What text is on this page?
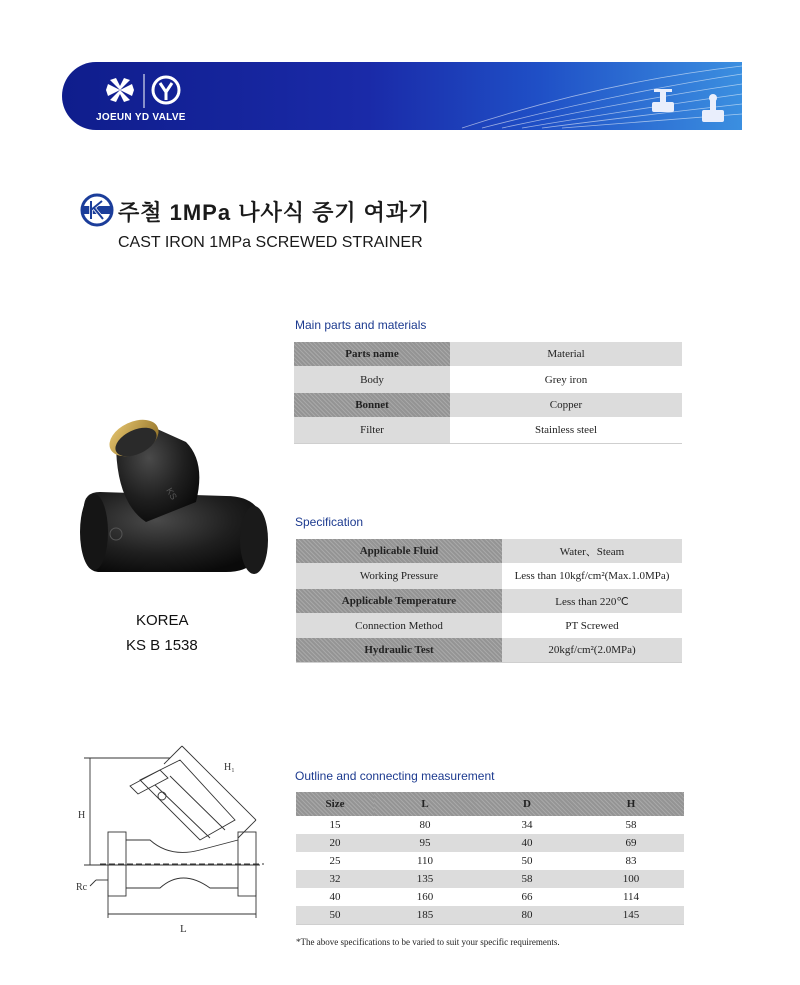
JOEUN YD VALVE
주철 1MPa 나사식 증기 여과기
CAST IRON 1MPa SCREWED STRAINER
KS
KOREA
KS B 1538
Main parts and materials
Parts name	Material
Body	Grey iron
Bonnet	Copper
Filter	Stainless steel
Specification
Applicable Fluid	Water、Steam
Working Pressure	Less than 10kgf/cm²(Max.1.0MPa)
Applicable Temperature	Less than 220℃
Connection Method	PT Screwed
Hydraulic Test	20kgf/cm²(2.0MPa)
H
H₁
L
Rc
Outline and connecting measurement
Size	L	D	H
15	80	34	58
20	95	40	69
25	110	50	83
32	135	58	100
40	160	66	114
50	185	80	145
*The above specifications to be varied to suit your specific requirements.
